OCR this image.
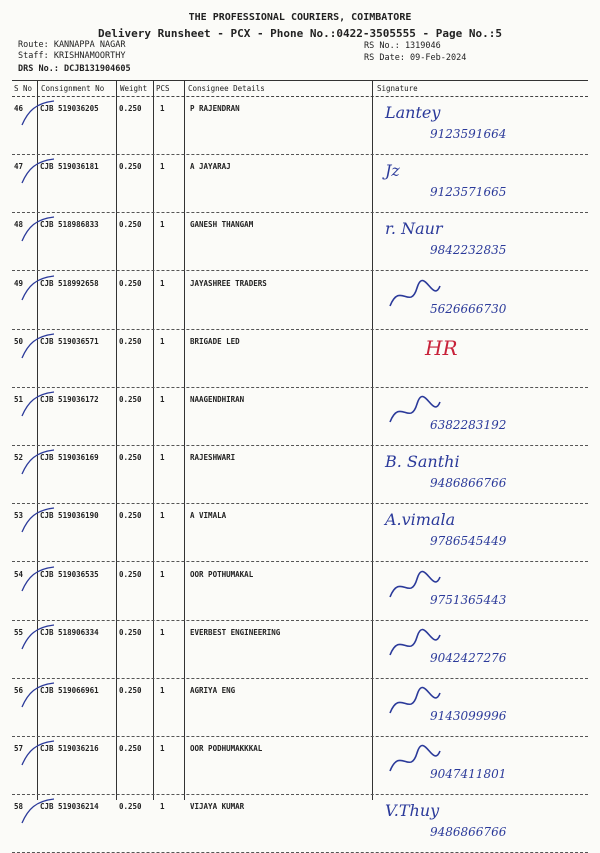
THE PROFESSIONAL COURIERS, COIMBATORE
Delivery Runsheet - PCX - Phone No.:0422-3505555 - Page No.:5
Route: KANNAPPA NAGAR
Staff: KRISHNAMOORTHY
DRS No.: DCJB131904605
RS No.: 1319046
RS Date: 09-Feb-2024
S No Consignment No Weight PCS Consignee Details	Signature
46 CJB 519036205	0.250 1	P RAJENDRAN	Lantey
9123591664
47 CJB 519036181	0.250 1	A JAYARAJ	Jz
9123571665
48 CJB 518986833	0.250 1	GANESH THANGAM	r. Naur
9842232835
49 CJB 518992658	0.250 1	JAYASHREE TRADERS
5626666730
50 CJB 519036571	0.250 1	BRIGADE LED	HR
51 CJB 519036172	0.250 1	NAAGENDHIRAN
6382283192
52 CJB 519036169	0.250 1	RAJESHWARI	B. Santhi
9486866766
53 CJB 519036190	0.250 1	A VIMALA	A.vimala
9786545449
54 CJB 519036535	0.250 1	OOR POTHUMAKAL
9751365443
55 CJB 518906334	0.250 1	EVERBEST ENGINEERING
9042427276
56 CJB 519066961	0.250 1	AGRIYA ENG
9143099996
57 CJB 519036216	0.250 1	OOR PODHUMAKKKAL
9047411801
58 CJB 519036214	0.250 1	VIJAYA KUMAR	V.Thuy
9486866766
